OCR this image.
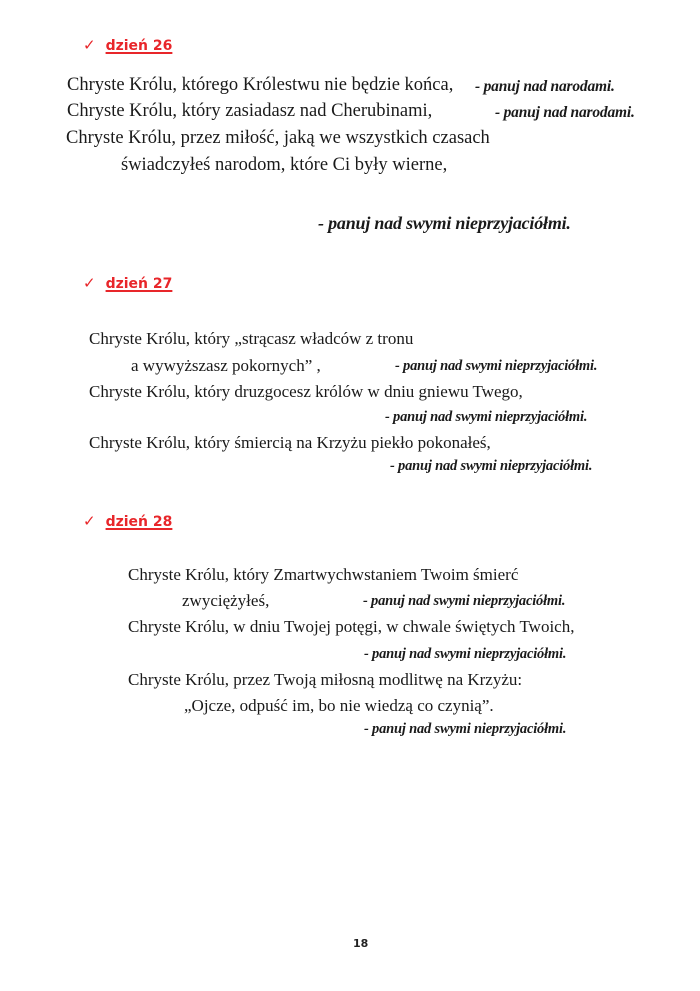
✓ dzień 26
Chryste Królu, którego Królestwu nie będzie końca, - panuj nad narodami.
Chryste Królu, który zasiadasz nad Cherubinami,	- panuj nad narodami.
Chryste Królu, przez miłość, jaką we wszystkich czasach
świadczyłeś narodom, które Ci były wierne,
- panuj nad swymi nieprzyjaciółmi.
✓ dzień 27
Chryste Królu, który „strącasz władców z tronu
a wywyższasz pokornych” ,	- panuj nad swymi nieprzyjaciółmi.
Chryste Królu, który druzgocesz królów w dniu gniewu Twego,
- panuj nad swymi nieprzyjaciółmi.
Chryste Królu, który śmiercią na Krzyżu piekło pokonałeś,
- panuj nad swymi nieprzyjaciółmi.
✓ dzień 28
Chryste Królu, który Zmartwychwstaniem Twoim śmierć
zwyciężyłeś,	- panuj nad swymi nieprzyjaciółmi.
Chryste Królu, w dniu Twojej potęgi, w chwale świętych Twoich,
- panuj nad swymi nieprzyjaciółmi.
Chryste Królu, przez Twoją miłosną modlitwę na Krzyżu:
„Ojcze, odpuść im, bo nie wiedzą co czynią”.
- panuj nad swymi nieprzyjaciółmi.
18
